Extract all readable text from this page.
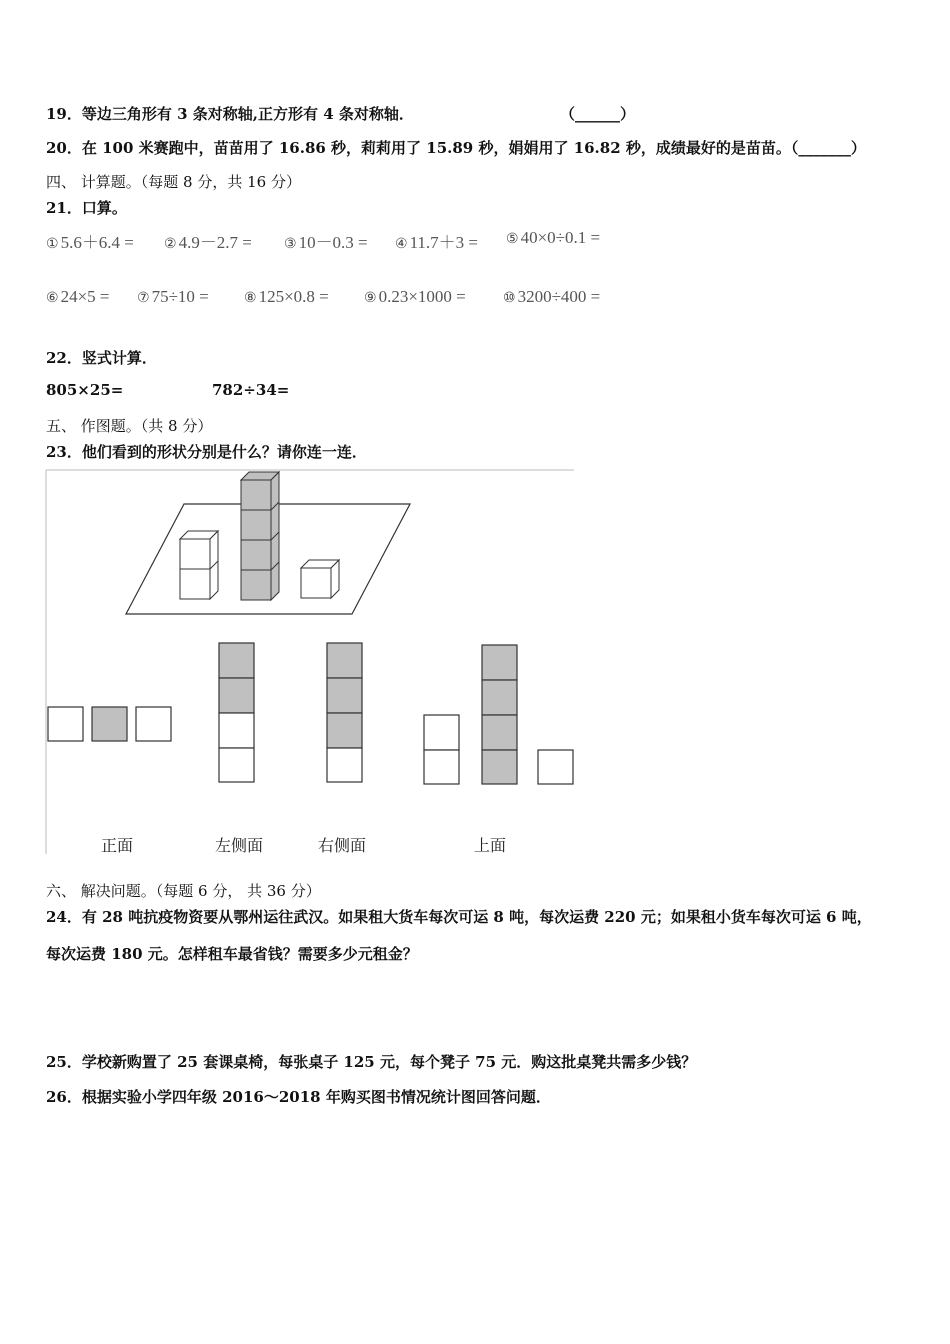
19．等边三角形有 3 条对称轴,正方形有 4 条对称轴．	（______）
20．在 100 米赛跑中，苗苗用了 16.86 秒，莉莉用了 15.89 秒，娟娟用了 16.82 秒，成绩最好的是苗苗。（_______）
四、 计算题。（每题 8 分，共 16 分）
21．口算。
① 5.6＋6.4 = ② 4.9－2.7 = ③ 10－0.3 = ④ 11.7＋3 = ⑤ 40×0÷0.1 =
⑥ 24×5 = ⑦ 75÷10 =	⑧ 125×0.8 =	⑨ 0.23×1000 =	⑩ 3200÷400 =
22．竖式计算．
805×25=	782÷34=
五、 作图题。（共 8 分）
23．他们看到的形状分别是什么？请你连一连．
正面	左侧面	右侧面	上面
六、 解决问题。（每题 6 分， 共 36 分）
24．有 28 吨抗疫物资要从鄂州运往武汉。如果租大货车每次可运 8 吨，每次运费 220 元；如果租小货车每次可运 6 吨，
每次运费 180 元。怎样租车最省钱？需要多少元租金？
25．学校新购置了 25 套课桌椅，每张桌子 125 元，每个凳子 75 元．购这批桌凳共需多少钱？
26．根据实验小学四年级 2016～2018 年购买图书情况统计图回答问题．
